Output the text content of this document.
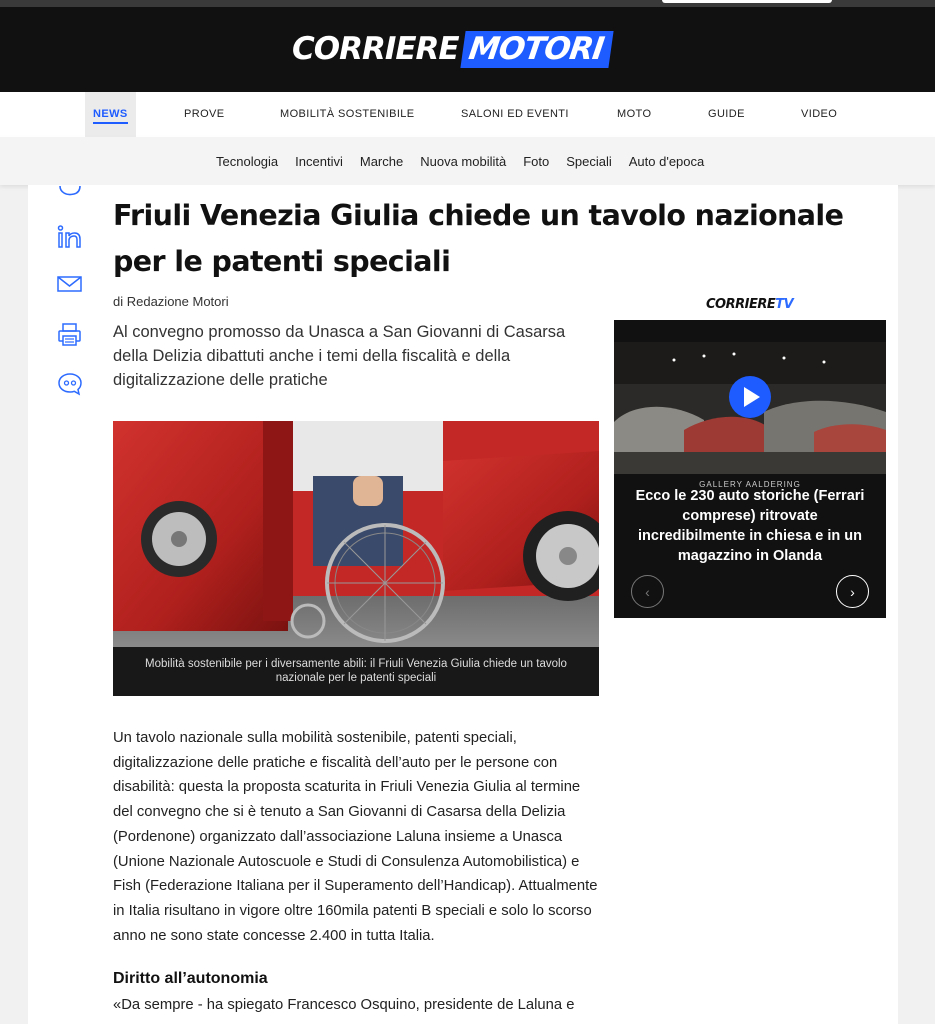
CORRIERE MOTORI
NEWS	PROVE	MOBILITÀ SOSTENIBILE	SALONI ED EVENTI	MOTO	GUIDE	VIDEO
Tecnologia Incentivi Marche Nuova mobilità Foto Speciali Auto d'epoca
Friuli Venezia Giulia chiede un tavolo nazionale
per le patenti speciali
di Redazione Motori

Al convegno promosso da Unasca a San Giovanni di Casarsa della Delizia dibattuti anche i temi della fiscalità e della digitalizzazione delle pratiche

Mobilità sostenibile per i diversamente abili: il Friuli Venezia Giulia chiede un tavolo nazionale per le patenti speciali

Un tavolo nazionale sulla mobilità sostenibile, patenti speciali, digitalizzazione delle pratiche e fiscalità dell’auto per le persone con disabilità: questa la proposta scaturita in Friuli Venezia Giulia al termine del convegno che si è tenuto a San Giovanni di Casarsa della Delizia (Pordenone) organizzato dall’associazione Laluna insieme a Unasca (Unione Nazionale Autoscuole e Studi di Consulenza Automobilistica) e Fish (Federazione Italiana per il Superamento dell’Handicap). Attualmente in Italia risultano in vigore oltre 160mila patenti B speciali e solo lo scorso anno ne sono state concesse 2.400 in tutta Italia.

Diritto all’autonomia

«Da sempre - ha spiegato Francesco Osquino, presidente de Laluna e

CORRIERETV
GALLERY AALDERING
Ecco le 230 auto storiche (Ferrari comprese) ritrovate incredibilmente in chiesa e in un magazzino in Olanda
‹	›
